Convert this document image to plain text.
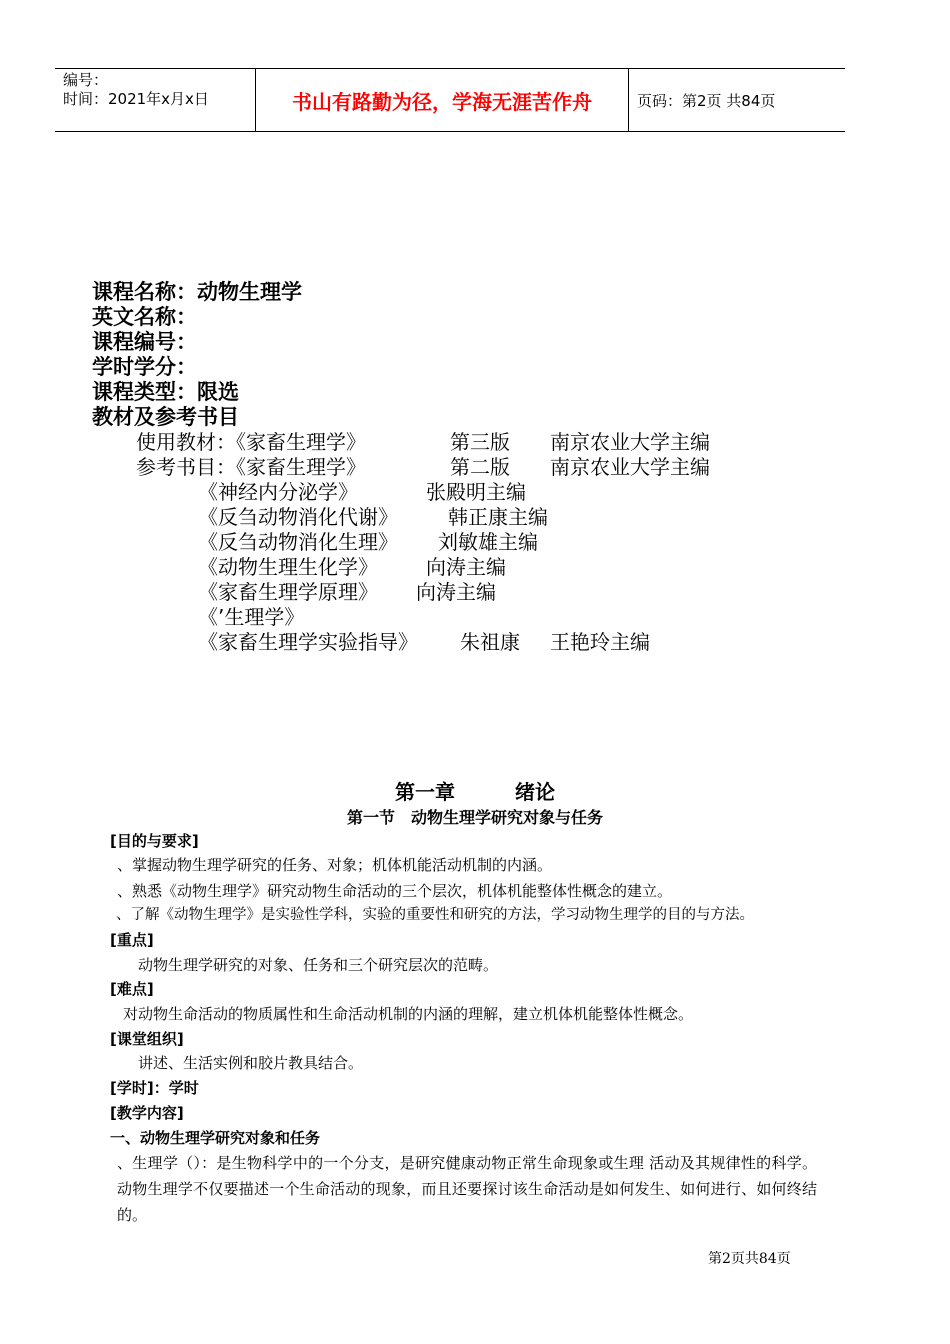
编号：
时间：2021年x月x日	书山有路勤为径，学海无涯苦作舟	页码：第2页 共84页
课程名称：动物生理学
英文名称：
课程编号：
学时学分：
课程类型：限选
教材及参考书目
使用教材：《家畜生理学》	第三版 南京农业大学主编
参考书目：《家畜生理学》	第二版 南京农业大学主编
《神经内分泌学》	张殿明主编
《反刍动物消化代谢》	韩正康主编
《反刍动物消化生理》 刘敏雄主编
《动物生理生化学》 向涛主编
《家畜生理学原理》 向涛主编
《’生理学》
《家畜生理学实验指导》 朱祖康 王艳玲主编
第一章	绪论
第一节　动物生理学研究对象与任务
[目的与要求]
、掌握动物生理学研究的任务、对象；机体机能活动机制的内涵。
、熟悉《动物生理学》研究动物生命活动的三个层次，机体机能整体性概念的建立。
、了解《动物生理学》是实验性学科，实验的重要性和研究的方法，学习动物生理学的目的与方法。
[重点]
动物生理学研究的对象、任务和三个研究层次的范畴。
[难点]
对动物生命活动的物质属性和生命活动机制的内涵的理解，建立机体机能整体性概念。
[课堂组织]
讲述、生活实例和胶片教具结合。
[学时]：学时
[教学内容]
一、动物生理学研究对象和任务
、生理学（）：是生物科学中的一个分支，是研究健康动物正常生命现象或生理 活动及其规律性的科学。动物生理学不仅要描述一个生命活动的现象，而且还要探讨该生命活动是如何发生、如何进行、如何终结的。
第2页共84页
